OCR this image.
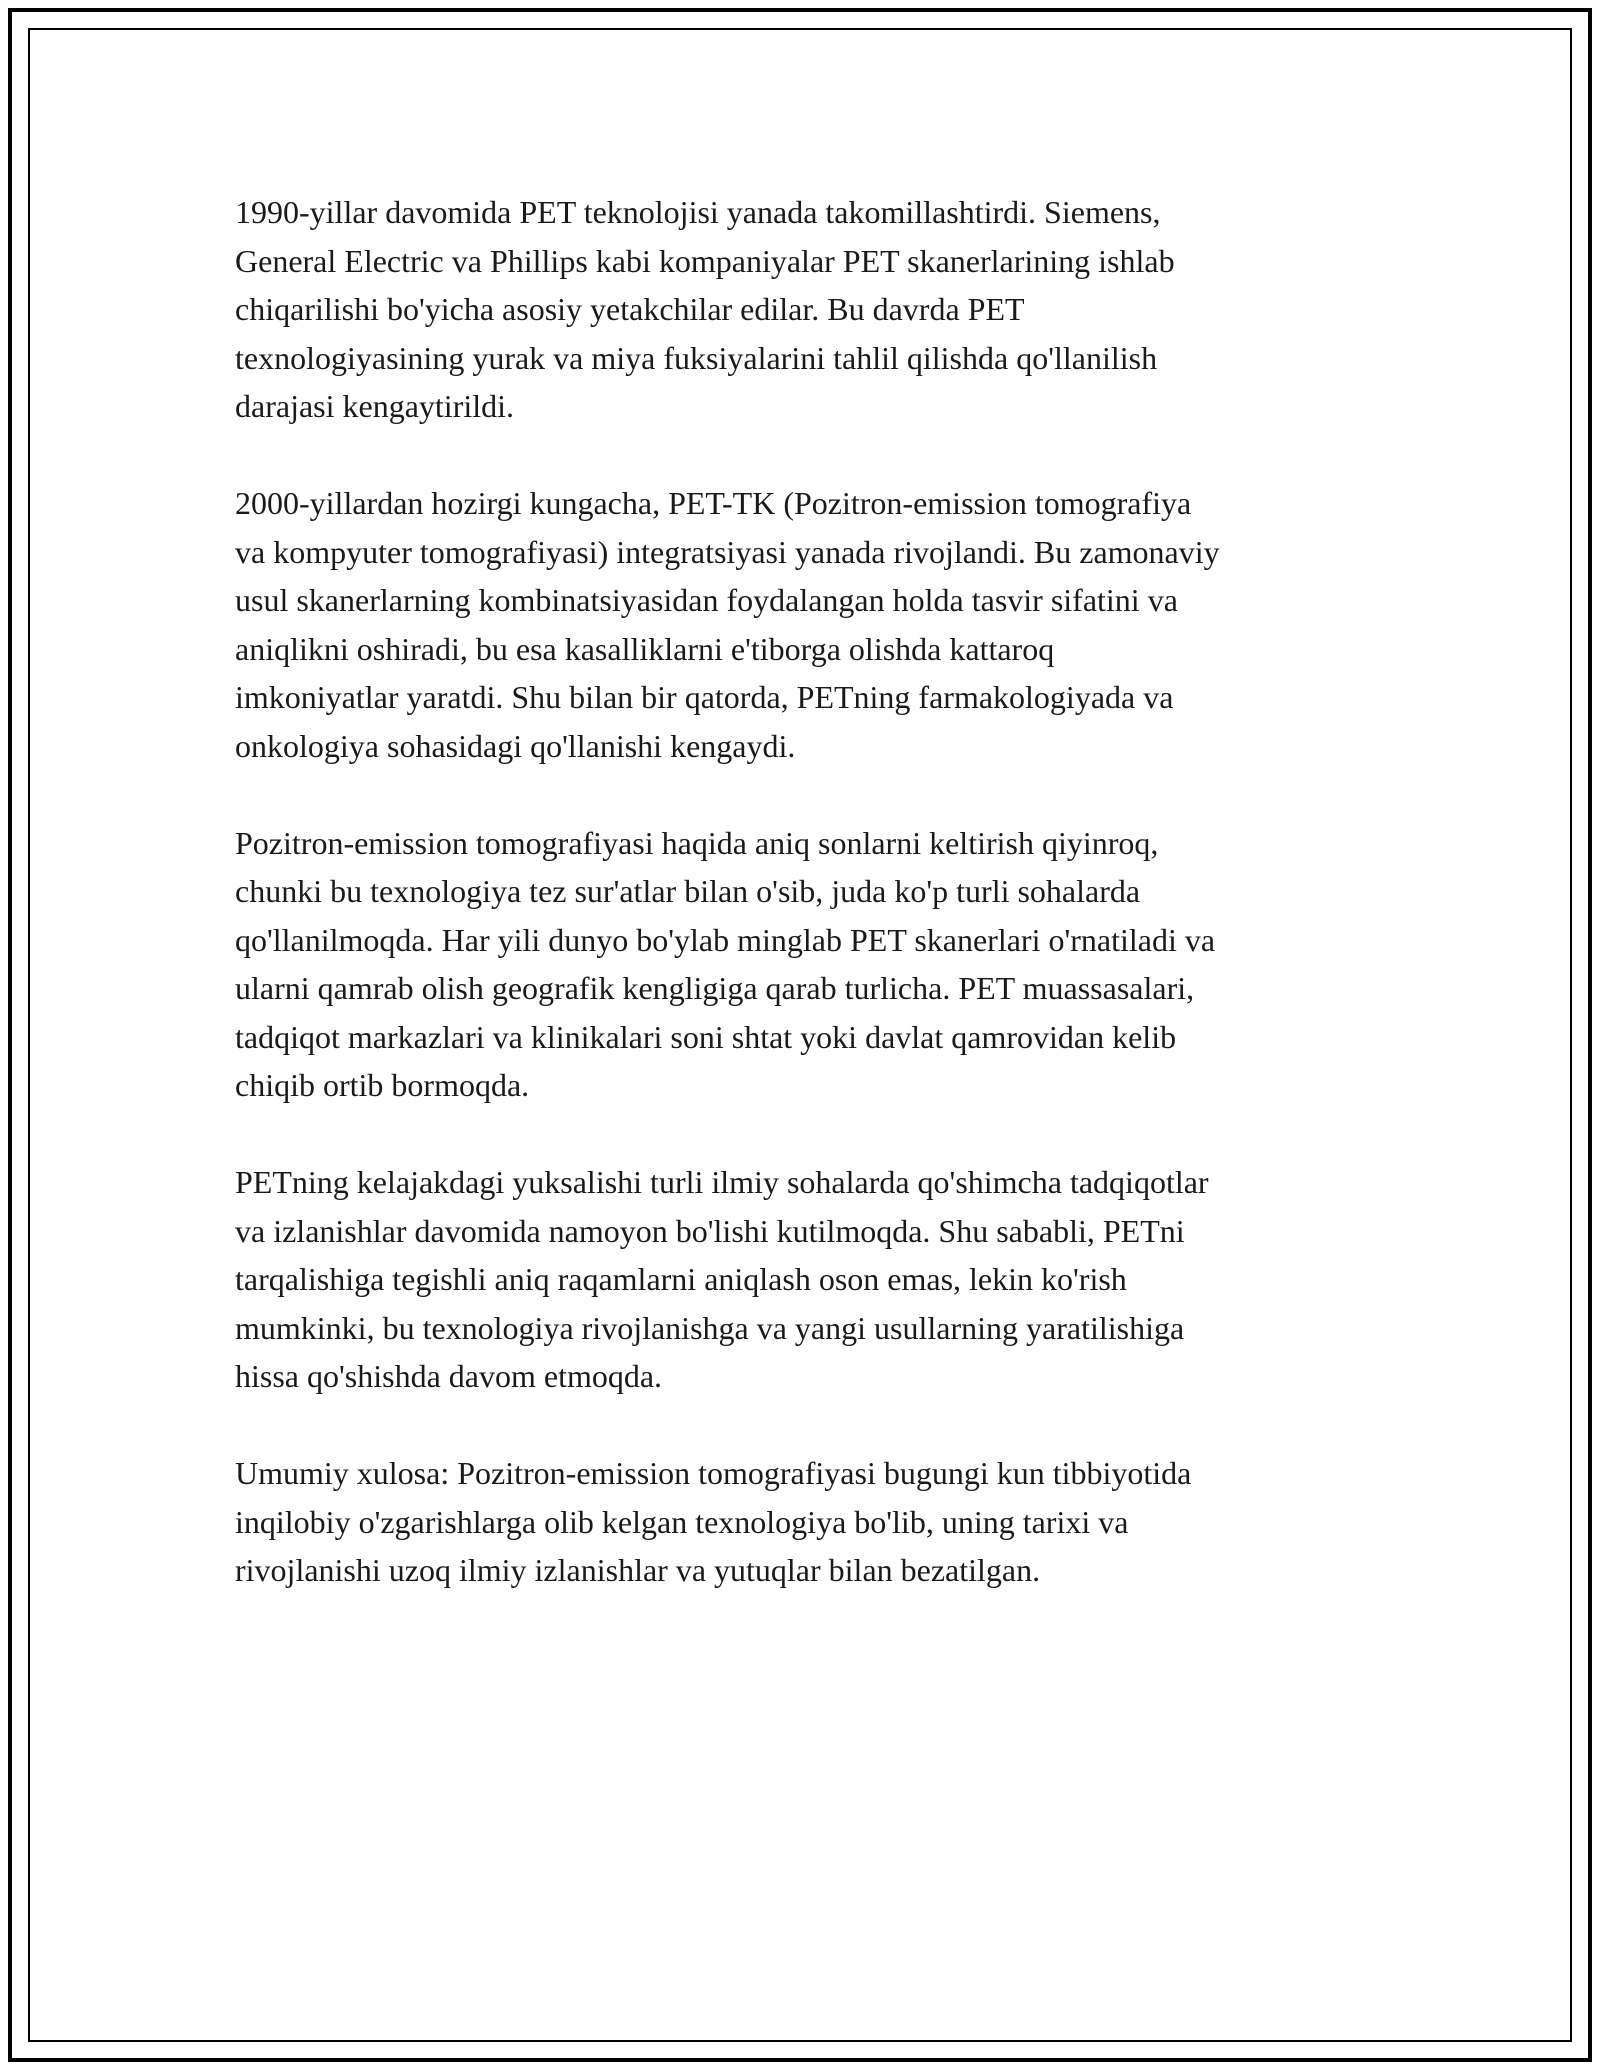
1990-yillar davomida PET teknolojisi yanada takomillashtirdi. Siemens,
General Electric va Phillips kabi kompaniyalar PET skanerlarining ishlab
chiqarilishi bo'yicha asosiy yetakchilar edilar. Bu davrda PET
texnologiyasining yurak va miya fuksiyalarini tahlil qilishda qo'llanilish
darajasi kengaytirildi.

2000-yillardan hozirgi kungacha, PET-TK (Pozitron-emission tomografiya
va kompyuter tomografiyasi) integratsiyasi yanada rivojlandi. Bu zamonaviy
usul skanerlarning kombinatsiyasidan foydalangan holda tasvir sifatini va
aniqlikni oshiradi, bu esa kasalliklarni e'tiborga olishda kattaroq
imkoniyatlar yaratdi. Shu bilan bir qatorda, PETning farmakologiyada va
onkologiya sohasidagi qo'llanishi kengaydi.

Pozitron-emission tomografiyasi haqida aniq sonlarni keltirish qiyinroq,
chunki bu texnologiya tez sur'atlar bilan o'sib, juda ko'p turli sohalarda
qo'llanilmoqda. Har yili dunyo bo'ylab minglab PET skanerlari o'rnatiladi va
ularni qamrab olish geografik kengligiga qarab turlicha. PET muassasalari,
tadqiqot markazlari va klinikalari soni shtat yoki davlat qamrovidan kelib
chiqib ortib bormoqda.

PETning kelajakdagi yuksalishi turli ilmiy sohalarda qo'shimcha tadqiqotlar
va izlanishlar davomida namoyon bo'lishi kutilmoqda. Shu sababli, PETni
tarqalishiga tegishli aniq raqamlarni aniqlash oson emas, lekin ko'rish
mumkinki, bu texnologiya rivojlanishga va yangi usullarning yaratilishiga
hissa qo'shishda davom etmoqda.

Umumiy xulosa: Pozitron-emission tomografiyasi bugungi kun tibbiyotida
inqilobiy o'zgarishlarga olib kelgan texnologiya bo'lib, uning tarixi va
rivojlanishi uzoq ilmiy izlanishlar va yutuqlar bilan bezatilgan.
